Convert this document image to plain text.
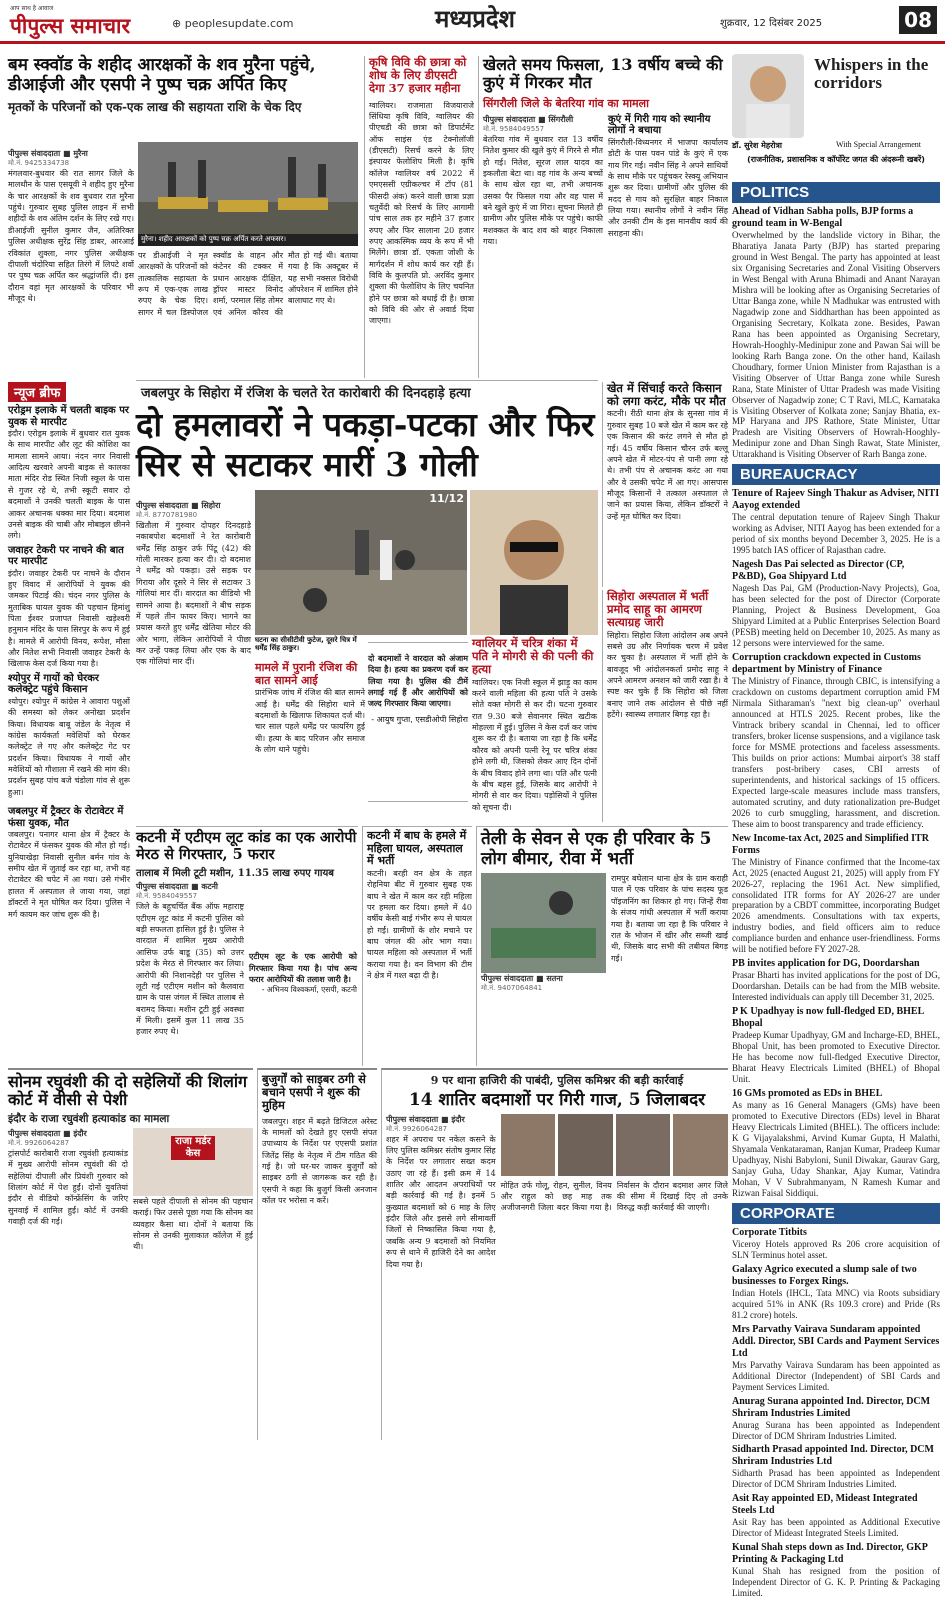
आप साथ है आवाज
पीपुल्स समाचार	⊕ peoplesupdate.com	मध्यप्रदेश	शुक्रवार, 12 दिसंबर 2025	08
बम स्क्वॉड के शहीद आरक्षकों के शव मुरैना पहुंचे, डीआईजी और एसपी ने पुष्प चक्र अर्पित किए
मृतकों के परिजनों को एक-एक लाख की सहायता राशि के चेक दिए
पीपुल्स संवाददाता ■ मुरैना
मो.नं. 9425334738
मंगलवार-बुधवार की रात सागर जिले के मालथौन के पास एसयूवी ने शहीद हुए मुरैना के चार आरक्षकों के शव बुधवार रात मुरैना पहुंचे। गुरुवार सुबह पुलिस लाइन में सभी शहीदों के शव अंतिम दर्शन के लिए रखे गए। डीआईजी सुनील कुमार जैन, अतिरिक्त पुलिस अधीक्षक सुरेंद्र सिंह डाबर, आरआई रविकांत शुक्ला, नगर पुलिस अधीक्षक दीपाली चंदोरिया सहित तिरंगे में लिपटे शवों पर पुष्प चक्र अर्पित कर श्रद्धांजलि दी। इस दौरान वहां मृत आरक्षकों के परिवार भी मौजूद थे।
मुरैना। शहीद आरक्षकों को पुष्प चक्र अर्पित करते अफसर।
पर डीआईजी ने मृत आरक्षकों के परिजनों को तात्कालिक सहायता के रूप में एक-एक लाख रुपए के चेक दिए। सागर में चल डिस्पोजल स्क्वॉड के वाहन और कंटेनर की टक्कर में प्रधान आरक्षक दीक्षित, ड्रॉपर मास्टर विनोद शर्मा, परमाल सिंह तोमर एवं अनिल कौरव की मौत हो गई थी। बताया गया है कि अक्टूबर में यह सभी नक्सल विरोधी ऑपरेशन में शामिल होने बालाघाट गए थे।
कृषि विवि की छात्रा को शोध के लिए डीएसटी देगा 37 हजार महीना
ग्वालियर। राजमाता विजयाराजे सिंधिया कृषि विवि, ग्वालियर की पीएचडी की छात्रा को डिपार्टमेंट ऑफ साइंस एंड टेक्नोलॉजी (डीएसटी) रिसर्च करने के लिए इंस्पायर फेलोशिप मिली है। कृषि कॉलेज ग्वालियर वर्ष 2022 में एमएससी एग्रीकल्चर में टॉप (81 फीसदी अंक) करने वाली छात्रा प्रज्ञा चतुर्वेदी को रिसर्च के लिए आगामी पांच साल तक हर महीने 37 हजार रुपए और फिर सालाना 20 हजार रुपए आकस्मिक व्यय के रूप में भी मिलेंगे। छात्रा डॉ. एकता जोशी के मार्गदर्शन में शोध कार्य कर रही हैं। विवि के कुलपति प्रो. अरविंद कुमार शुक्ला की फेलोशिप के लिए चयनित होने पर छात्रा को बधाई दी है। छात्रा को विवि की ओर से अवार्ड दिया जाएगा।
खेलते समय फिसला, 13 वर्षीय बच्चे की कुएं में गिरकर मौत
सिंगरौली जिले के बेतरिया गांव का मामला
पीपुल्स संवाददाता ■ सिंगरौली
मो.नं. 9584049557
बेतरिया गांव में बुधवार रात 13 वर्षीय नितेश कुमार की खुले कुएं में गिरने से मौत हो गई। नितेश, सूरज लाल यादव का इकलौता बेटा था। वह गांव के अन्य बच्चों के साथ खेल रहा था, तभी अचानक उसका पैर फिसल गया और वह पास में बने खुले कुएं में जा गिरा। सूचना मिलते ही ग्रामीण और पुलिस मौके पर पहुंचे। काफी मशक्कत के बाद शव को बाहर निकाला गया।
कुएं में गिरी गाय को स्थानीय लोगों ने बचाया
सिंगरौली-विध्यनगर में भाजपा कार्यालय डोटी के पास पवन पांडे के कुएं में एक गाय गिर गई। नवीन सिंह ने अपने साथियों के साथ मौके पर पहुंचकर रेस्क्यू अभियान शुरू कर दिया। ग्रामीणों और पुलिस की मदद से गाय को सुरक्षित बाहर निकाल लिया गया। स्थानीय लोगों ने नवीन सिंह और उनकी टीम के इस मानवीय कार्य की सराहना की।
Whispers in the corridors
डॉ. सुरेश मेहरोत्रा	With Special Arrangement
(राजनीतिक, प्रशासनिक व कॉर्पोरेट जगत की अंदरूनी खबरें)
POLITICS
Ahead of Vidhan Sabha polls, BJP forms a ground team in W-Bengal
Overwhelmed by the landslide victory in Bihar, the Bharatiya Janata Party (BJP) has started preparing ground in West Bengal. The party has appointed at least six Organising Secretaries and Zonal Visiting Observers in West Bengal with Aruna Bhimadi and Anant Narayan Mishra will be looking after as Organising Secretaries of Uttar Banga zone, while N Madhukar was entrusted with Nagadwip zone and Siddharthan has been appointed as Organising Secretary, Kolkata zone. Besides, Pawan Rana has been appointed as Organising Secretary, Howrah-Hooghly-Medinipur zone and Pawan Sai will be looking Rarh Banga zone. On the other hand, Kailash Choudhary, former Union Minister from Rajasthan is a Visiting Observer of Uttar Banga zone while Suresh Rana, State Minister of Uttar Pradesh was made Visiting Observer of Nagadwip zone; C T Ravi, MLC, Karnataka is Visiting Observer of Kolkata zone; Sanjay Bhatia, ex-MP Haryana and JPS Rathore, State Minister, Uttar Pradesh are Visiting Observers of Howrah-Hooghly-Medinipur zone and Dhan Singh Rawat, State Minister, Uttarakhand is Visiting Observer of Rarh Banga zone.
BUREAUCRACY
Tenure of Rajeev Singh Thakur as Adviser, NITI Aayog extended
The central deputation tenure of Rajeev Singh Thakur working as Adviser, NITI Aayog has been extended for a period of six months beyond December 3, 2025. He is a 1995 batch IAS officer of Rajasthan cadre.
Nagesh Das Pai selected as Director (CP, P&BD), Goa Shipyard Ltd
Nagesh Das Pai, GM (Production-Navy Projects), Goa, has been selected for the post of Director (Corporate Planning, Project & Business Development, Goa Shipyard Limited at a Public Enterprises Selection Board (PESB) meeting held on December 10, 2025. As many as 12 persons were interviewed for the same.
Corruption crackdown expected in Customs department by Ministry of Finance
The Ministry of Finance, through CBIC, is intensifying a crackdown on customs department corruption amid FM Nirmala Sitharaman's "next big clean-up" overhaul announced at HTLS 2025. Recent probes, like the Vintrack bribery scandal in Chennai, led to officer transfers, broker license suspensions, and a vigilance task force for MSME protections and faceless assessments. This builds on prior actions: Mumbai airport's 38 staff transfers post-bribery cases, CBI arrests of superintendents, and historical sackings of 15 officers. Expected large-scale measures include mass transfers, automated scrutiny, and duty rationalization pre-Budget 2026 to curb smuggling, harassment, and discretion. These aim to boost transparency and trade efficiency.
New Income-tax Act, 2025 and Simplified ITR Forms
The Ministry of Finance confirmed that the Income-tax Act, 2025 (enacted August 21, 2025) will apply from FY 2026-27, replacing the 1961 Act. New simplified, consolidated ITR forms for AY 2026-27 are under preparation by a CBDT committee, incorporating Budget 2026 amendments. Consultations with tax experts, industry bodies, and field officers aim to reduce compliance burden and enhance user-friendliness. Forms will be notified before FY 2027-28.
PB invites application for DG, Doordarshan
Prasar Bharti has invited applications for the post of DG, Doordarshan. Details can be had from the MIB website. Interested individuals can apply till December 31, 2025.
P K Upadhyay is now full-fledged ED, BHEL Bhopal
Pradeep Kumar Upadhyay, GM and Incharge-ED, BHEL, Bhopal Unit, has been promoted to Executive Director. He has become now full-fledged Executive Director, Bharat Heavy Electricals Limited (BHEL) of Bhopal Unit.
16 GMs promoted as EDs in BHEL
As many as 16 General Managers (GMs) have been promoted to Executive Directors (EDs) level in Bharat Heavy Electricals Limited (BHEL). The officers include: K G Vijayalakshmi, Arvind Kumar Gupta, H Malathi, Shyamala Venkataraman, Ranjan Kumar, Pradeep Kumar Upadhyay, Nishi Babyloni, Sunil Diwakar, Gaurav Garg, Sanjay Guha, Uday Shankar, Ajay Kumar, Vatindra Mohan, V V Subrahmanyam, N Ramesh Kumar and Rizwan Faisal Siddiqui.
CORPORATE
Corporate Titbits
Viceroy Hotels approved Rs 206 crore acquisition of SLN Terminus hotel asset.
Galaxy Agrico executed a slump sale of two businesses to Forgex Rings.
Indian Hotels (IHCL, Tata MNC) via Roots subsidiary acquired 51% in ANK (Rs 109.3 crore) and Pride (Rs 81.2 crore) hotels.
Mrs Parvathy Vairava Sundaram appointed Addl. Director, SBI Cards and Payment Services Ltd
Mrs Parvathy Vairava Sundaram has been appointed as Additional Director (Independent) of SBI Cards and Payment Services Limited.
Anurag Surana appointed Ind. Director, DCM Shriram Industries Limited
Anurag Surana has been appointed as Independent Director of DCM Shriram Industries Limited.
Sidharth Prasad appointed Ind. Director, DCM Shriram Industries Ltd
Sidharth Prasad has been appointed as Independent Director of DCM Shriram Industries Limited.
Asit Ray appointed ED, Mideast Integrated Steels Ltd
Asit Ray has been appointed as Additional Executive Director of Mideast Integrated Steels Limited.
Kunal Shah steps down as Ind. Director, GKP Printing & Packaging Ltd
Kunal Shah has resigned from the position of Independent Director of G. K. P. Printing & Packaging Limited.
न्यूज ब्रीफ
एरोड्रम इलाके में चलती बाइक पर युवक से मारपीट
इंदौर। एरोड्रम इलाके में बुधवार रात युवक के साथ मारपीट और लूट की कोशिश का मामला सामने आया। नंदन नगर निवासी आदित्य खरवारे अपनी बाइक से कालका माता मंदिर रोड स्थित निजी स्कूल के पास से गुजर रहे थे, तभी स्कूटी सवार दो बदमाशों ने उनकी चलती बाइक के पास आकर अचानक धक्का मार दिया। बदमाश उनसे बाइक की चाबी और मोबाइल छीनने लगे।
जवाहर टेकरी पर नाचने की बात पर मारपीट
इंदौर। जवाहर टेकरी पर नाचने के दौरान हुए विवाद में आरोपियों ने युवक की जमकर पिटाई की। चंदन नगर पुलिस के मुताबिक घायल युवक की पहचान हिमांशु पिता ईश्वर प्रजापत निवासी खड़ेश्वरी हनुमान मंदिर के पास सिरपुर के रूप में हुई है। मामले में आरोपी विनय, रूपेश, मौसा और नितेश सभी निवासी जवाहर टेकरी के खिलाफ केस दर्ज किया गया है।
श्योपुर में गायों को घेरकर कलेक्ट्रेट पहुंचे किसान
श्योपुर। श्योपुर में कांग्रेस ने आवारा पशुओं की समस्या को लेकर अनोखा प्रदर्शन किया। विधायक बाबू जंडेल के नेतृत्व में कांग्रेस कार्यकर्ता मवेशियों को घेरकर कलेक्ट्रेट ले गए और कलेक्ट्रेट गेट पर प्रदर्शन किया। विधायक ने गायों और मवेशियों को गौशाला में रखने की मांग की। प्रदर्शन सुबह पांच बजे चंडोला गांव से शुरू हुआ।
जबलपुर में ट्रैक्टर के रोटावेटर में फंसा युवक, मौत
जबलपुर। पनागर थाना क्षेत्र में ट्रैक्टर के रोटावेटर में फंसकर युवक की मौत हो गई। युनियाखेड़ा निवासी सुनील बर्मन गांव के समीप खेत में जुताई कर रहा था, तभी वह रोटावेटर की चपेट में आ गया। उसे गंभीर हालत में अस्पताल ले जाया गया, जहां डॉक्टरों ने मृत घोषित कर दिया। पुलिस ने मर्ग कायम कर जांच शुरू की है।
जबलपुर के सिहोरा में रंजिश के चलते रेत कारोबारी की दिनदहाड़े हत्या
दो हमलावरों ने पकड़ा-पटका और फिर सिर से सटाकर मारीं 3 गोली
पीपुल्स संवाददाता ■ सिहोरा
मो.नं. 8770781980
खितौला में गुरुवार दोपहर दिनदहाड़े नकाबपोश बदमाशों ने रेत कारोबारी धर्मेंद्र सिंह ठाकुर उर्फ पिंटू (42) की गोली मारकर हत्या कर दी। दो बदमाश ने धर्मेंद्र को पकड़ा। उसे सड़क पर गिराया और दूसरे ने सिर से सटाकर 3 गोलियां मार दीं। वारदात का वीडियो भी सामने आया है। बदमाशों ने बीच सड़क में पहले तीन फायर किए। भागने का प्रयास करते हुए धर्मेंद्र खेतिया मोटर की ओर भागा, लेकिन आरोपियों ने पीछा कर उन्हें पकड़ लिया और एक के बाद एक गोलियां मार दीं।
11/12
घटना का सीसीटीवी फुटेज, दूसरे चित्र में धर्मेंद्र सिंह ठाकुर।
मामले में पुरानी रंजिश की बात सामने आई
प्रारंभिक जांच में रंजिश की बात सामने आई है। धर्मेंद्र की सिहोरा थाने में बदमाशों के खिलाफ शिकायत दर्ज थी। चार साल पहले धर्मेंद्र पर फायरिंग हुई थी। हत्या के बाद परिजन और समाज के लोग थाने पहुंचे।
दो बदमाशों ने वारदात को अंजाम दिया है। हत्या का प्रकरण दर्ज कर लिया गया है। पुलिस की टीमें लगाई गई हैं और आरोपियों को जल्द गिरफ्तार किया जाएगा।
- आयुष गुप्ता, एसडीओपी सिहोरा
ग्वालियर में चरित्र शंका में पति ने मोगरी से की पत्नी की हत्या
ग्वालियर। एक निजी स्कूल में झाड़ू का काम करने वाली महिला की हत्या पति ने उसके सोते वक्त मोगरी से कर दी। घटना गुरुवार रात 9.30 बजे सेवानगर स्थित खटीक मोहल्ला में हुई। पुलिस ने केस दर्ज कर जांच शुरू कर दी है। बताया जा रहा है कि धर्मेंद्र कौरव को अपनी पत्नी रेनू पर चरित्र शंका होने लगी थी, जिसको लेकर आए दिन दोनों के बीच विवाद होने लगा था। पति और पत्नी के बीच बहस हुई, जिसके बाद आरोपी ने मोगरी से वार कर दिया। पड़ोसियों ने पुलिस को सूचना दी।
खेत में सिंचाई करते किसान को लगा करंट, मौके पर मौत
कटनी। रीठी थाना क्षेत्र के सुनसा गांव में गुरुवार सुबह 10 बजे खेत में काम कर रहे एक किसान की करंट लगने से मौत हो गई। 45 वर्षीय किसान चौरन उर्फ बल्लू अपने खेत में मोटर-पंप से पानी लगा रहे थे। तभी पंप से अचानक करंट आ गया और वे उसकी चपेट में आ गए। आसपास मौजूद किसानों ने तत्काल अस्पताल ले जाने का प्रयास किया, लेकिन डॉक्टरों ने उन्हें मृत घोषित कर दिया।
सिहोरा अस्पताल में भर्ती प्रमोद साहू का आमरण सत्याग्रह जारी
सिहोरा। सिहोरा जिला आंदोलन अब अपने सबसे उग्र और निर्णायक चरण में प्रवेश कर चुका है। अस्पताल में भर्ती होने के बावजूद भी आंदोलनकर्ता प्रमोद साहू ने अपने आमरण अनशन को जारी रखा है। वे स्पष्ट कर चुके हैं कि सिहोरा को जिला बनाए जाने तक आंदोलन से पीछे नहीं हटेंगे। स्वास्थ्य लगातार बिगड़ रहा है।
कटनी में एटीएम लूट कांड का एक आरोपी मेरठ से गिरफ्तार, 5 फरार
तालाब में मिली टूटी मशीन, 11.35 लाख रुपए गायब
पीपुल्स संवाददाता ■ कटनी
मो.नं. 9584049557
जिले के बहुचर्चित बैंक ऑफ महाराष्ट्र एटीएम लूट कांड में कटनी पुलिस को बड़ी सफलता हासिल हुई है। पुलिस ने वारदात में शामिल मुख्य आरोपी आसिफ उर्फ बाडू (35) को उत्तर प्रदेश के मेरठ से गिरफ्तार कर लिया। आरोपी की निशानदेही पर पुलिस ने लूटी गई एटीएम मशीन को कैलवारा ग्राम के पास जंगल में स्थित तालाब से बरामद किया। मशीन टूटी हुई अवस्था में मिली। इसमें कुल 11 लाख 35 हजार रुपए थे।
एटीएम लूट के एक आरोपी को गिरफ्तार किया गया है। पांच अन्य फरार आरोपियों की तलाश जारी है।
- अभिनय विश्वकर्मा, एसपी, कटनी
कटनी में बाघ के हमले में महिला घायल, अस्पताल में भर्ती
कटनी। बरही वन क्षेत्र के तहत रोहनिया बीट में गुरुवार सुबह एक बाघ ने खेत में काम कर रही महिला पर हमला कर दिया। हमले में 40 वर्षीय केसी बाई गंभीर रूप से घायल हो गईं। ग्रामीणों के शोर मचाने पर बाघ जंगल की ओर भाग गया। घायल महिला को अस्पताल में भर्ती कराया गया है। वन विभाग की टीम ने क्षेत्र में गश्त बढ़ा दी है।
तेली के सेवन से एक ही परिवार के 5 लोग बीमार, रीवा में भर्ती
पीपुल्स संवाददाता ■ सतना
मो.नं. 9407064841
रामपुर बघेलान थाना क्षेत्र के ग्राम कराही पाल में एक परिवार के पांच सदस्य फूड पॉइजनिंग का शिकार हो गए। जिन्हें रीवा के संजय गांधी अस्पताल में भर्ती कराया गया है। बताया जा रहा है कि परिवार ने रात के भोजन में खीर और सब्जी खाई थी, जिसके बाद सभी की तबीयत बिगड़ गई।
सोनम रघुवंशी की दो सहेलियों की शिलांग कोर्ट में वीसी से पेशी
इंदौर के राजा रघुवंशी हत्याकांड का मामला
पीपुल्स संवाददाता ■ इंदौर
मो.नं. 9926064287
ट्रांसपोर्ट कारोबारी राजा रघुवंशी हत्याकांड में मुख्य आरोपी सोनम रघुवंशी की दो सहेलियां दीपाली और प्रियंशी गुरुवार को शिलांग कोर्ट में पेश हुईं। दोनों युवतियां इंदौर से वीडियो कॉन्फ्रेंसिंग के जरिए सुनवाई में शामिल हुईं। कोर्ट में उनकी गवाही दर्ज की गई।
राजा मर्डर केस
सबसे पहले दीपाली से सोनम की पहचान कराई। फिर उससे पूछा गया कि सोनम का व्यवहार कैसा था। दोनों ने बताया कि सोनम से उनकी मुलाकात कॉलेज में हुई थी।
बुजुर्गों को साइबर ठगी से बचाने एसपी ने शुरू की मुहिम
जबलपुर। शहर में बढ़ते डिजिटल अरेस्ट के मामलों को देखते हुए एसपी संपत उपाध्याय के निर्देश पर एएसपी प्रशांत जितेंद्र सिंह के नेतृत्व में टीम गठित की गई है। जो घर-घर जाकर बुजुर्गों को साइबर ठगी से जागरूक कर रही है। एसपी ने कहा कि बुजुर्ग किसी अनजान कॉल पर भरोसा न करें।
9 पर थाना हाजिरी की पाबंदी, पुलिस कमिश्नर की बड़ी कार्रवाई
14 शातिर बदमाशों पर गिरी गाज, 5 जिलाबदर
पीपुल्स संवाददाता ■ इंदौर
मो.नं. 9926064287
शहर में अपराध पर नकेल कसने के लिए पुलिस कमिश्नर संतोष कुमार सिंह के निर्देश पर लगातार सख्त कदम उठाए जा रहे हैं। इसी क्रम में 14 शातिर और आदतन अपराधियों पर बड़ी कार्रवाई की गई है। इनमें 5 कुख्यात बदमाशों को 6 माह के लिए इंदौर जिले और इससे लगे सीमावर्ती जिलों से निष्कासित किया गया है, जबकि अन्य 9 बदमाशों को नियमित रूप से थाने में हाजिरी देने का आदेश दिया गया है।
मोहित उर्फ गोलू, रोहन, सुनील, विनय और राहुल को छह माह तक अजीजनगरी जिला बदर किया गया है। निर्वासन के दौरान बदमाश अगर जिले की सीमा में दिखाई दिए तो उनके विरुद्ध कड़ी कार्रवाई की जाएगी।
